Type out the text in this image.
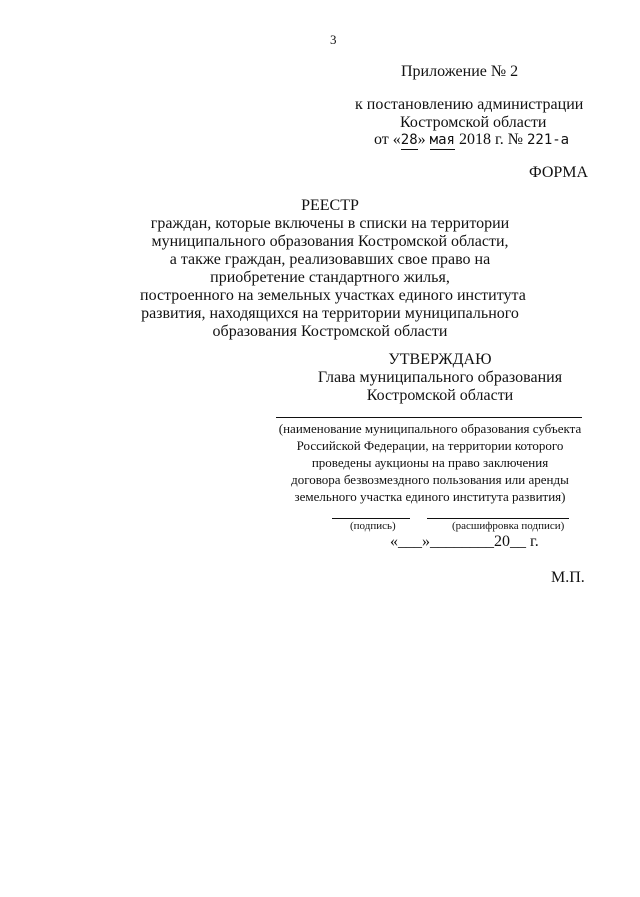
3
Приложение № 2
к постановлению администрации
Костромской области
от «28» мая 2018 г. № 221-а
ФОРМА
РЕЕСТР
граждан, которые включены в списки на территории
муниципального образования Костромской области,
а также граждан, реализовавших свое право на
приобретение стандартного жилья,
построенного на земельных участках единого института
развития, находящихся на территории муниципального
образования Костромской области
УТВЕРЖДАЮ
Глава муниципального образования
Костромской области
(наименование муниципального образования субъекта
Российской Федерации, на территории которого
проведены аукционы на право заключения
договора безвозмездного пользования или аренды
земельного участка единого института развития)
(подпись)	(расшифровка подписи)
«___»________20__ г.
М.П.
